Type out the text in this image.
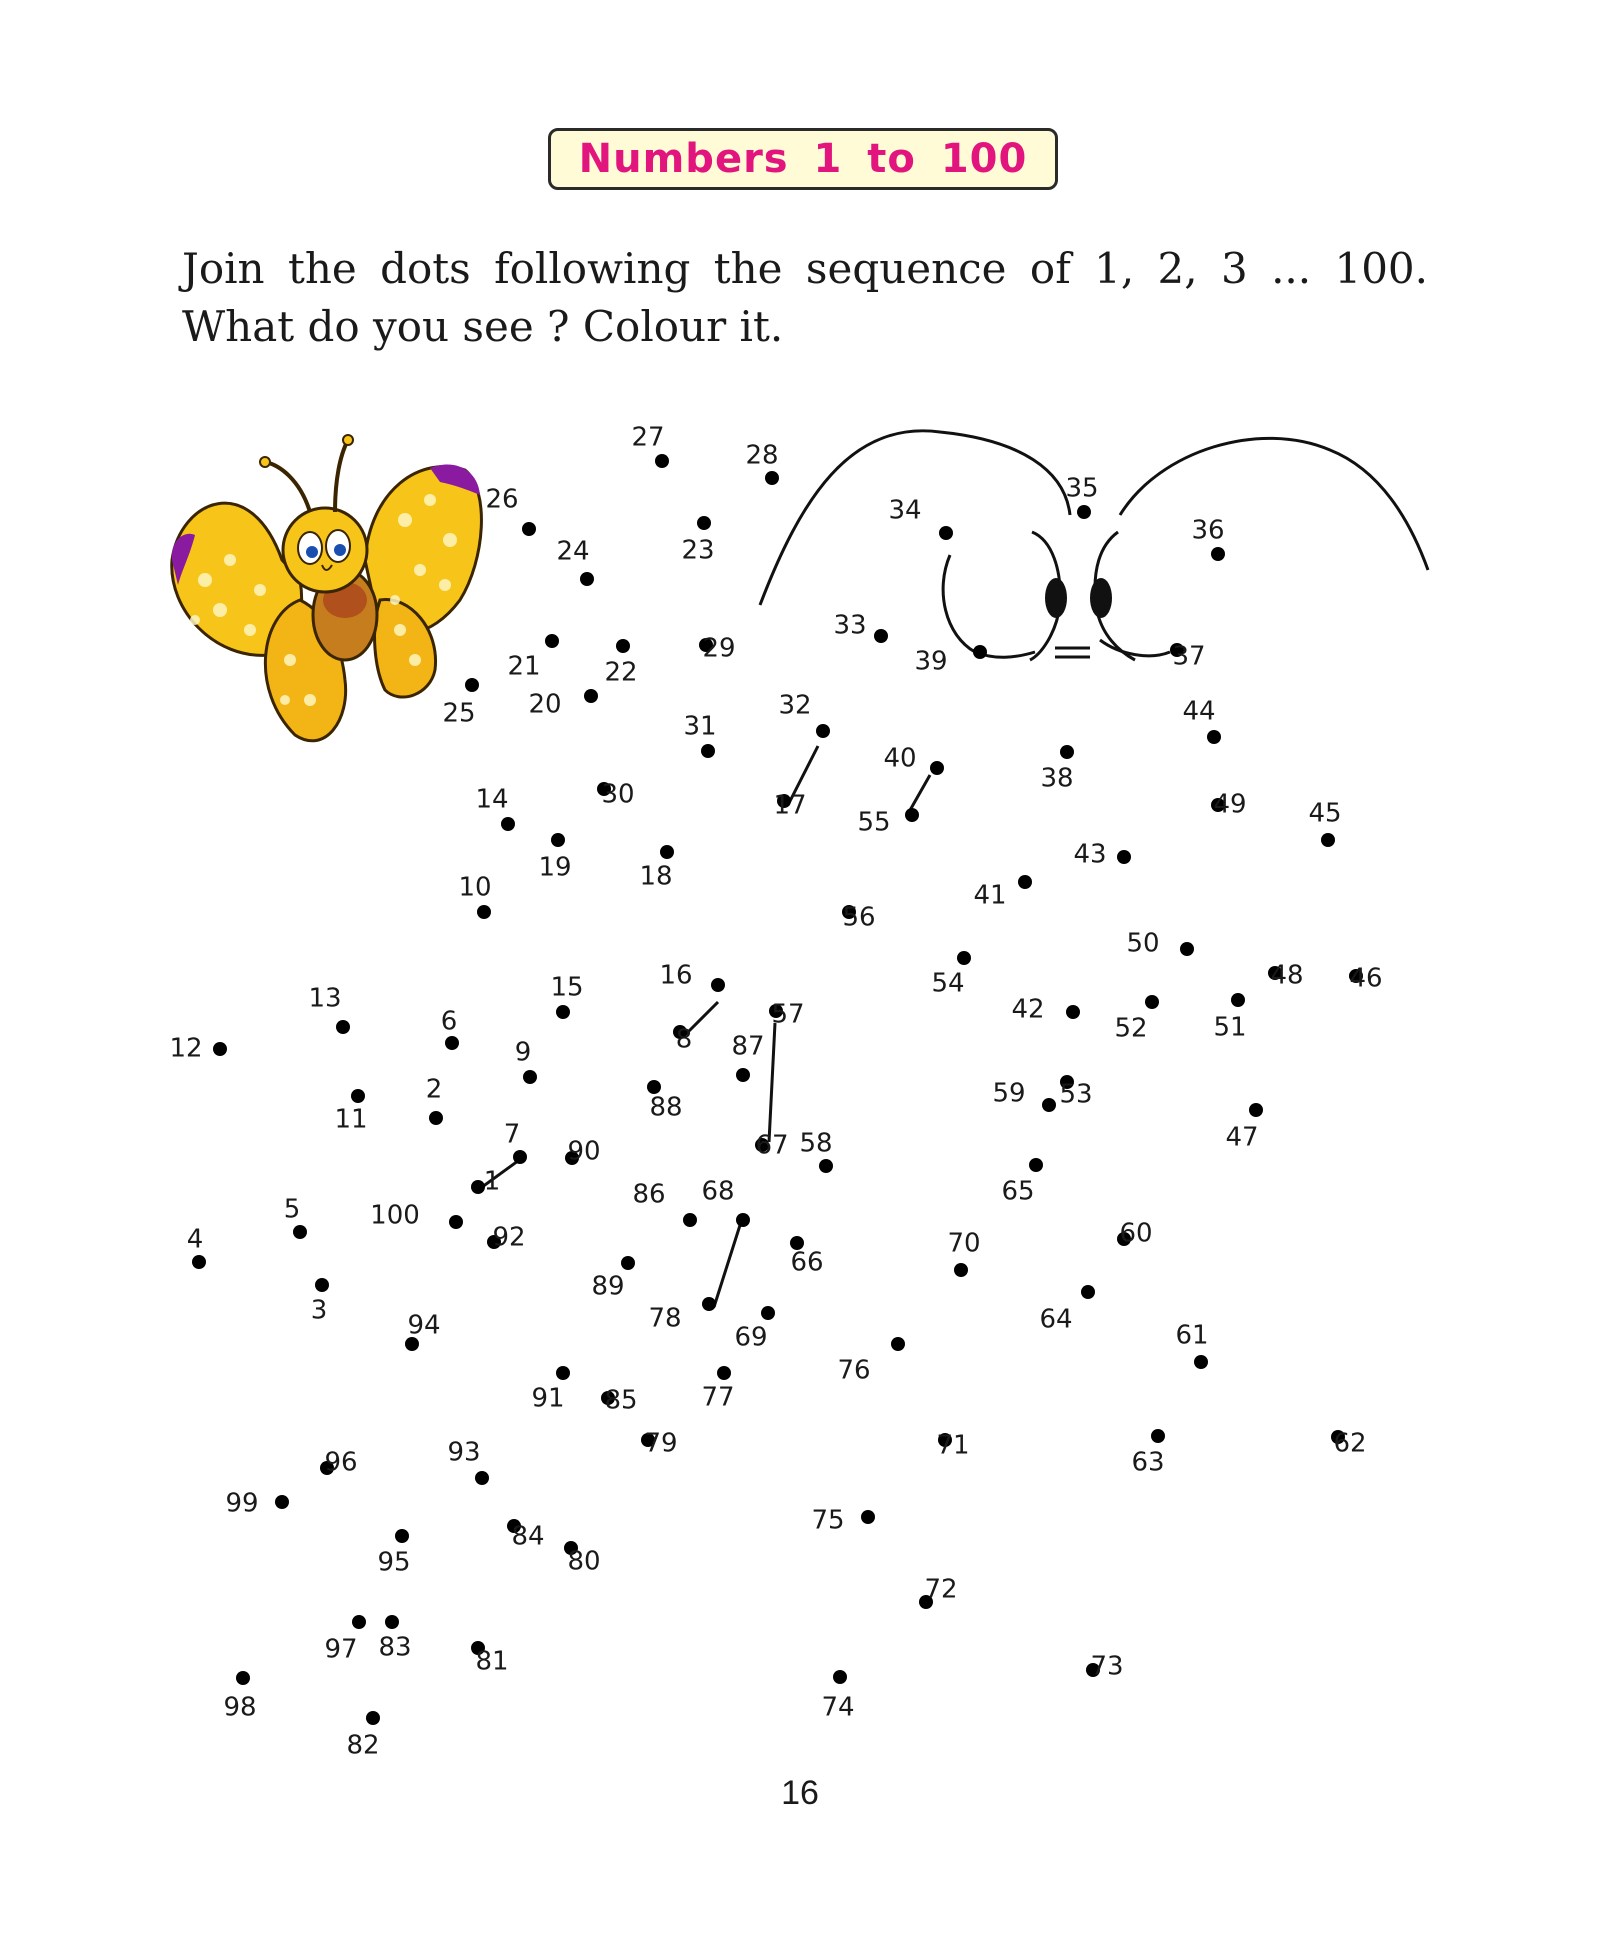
Numbers 1 to 100
Join the dots following the sequence of 1, 2, 3 ... 100.
What do you see ? Colour it.
1
2
3
4
5
6
7
8
9
10
11
12
13
14
15	16
17
18
19
20
21 22
23
24
25
26
27
28
29
30
31
32
33
34
35
36
37
38
39
40
41
42
43
44
45
46
47
48
49
50
51
52
53
54
55
56
57
58
59
60
61
62
63
64
65
66
67
68
69
70
71
72
73
74
75
76
77
78
79
80
81
82
83
84
85
86
87
88
89
90
91
92
93
94
95
96
97
98
99
100
16
